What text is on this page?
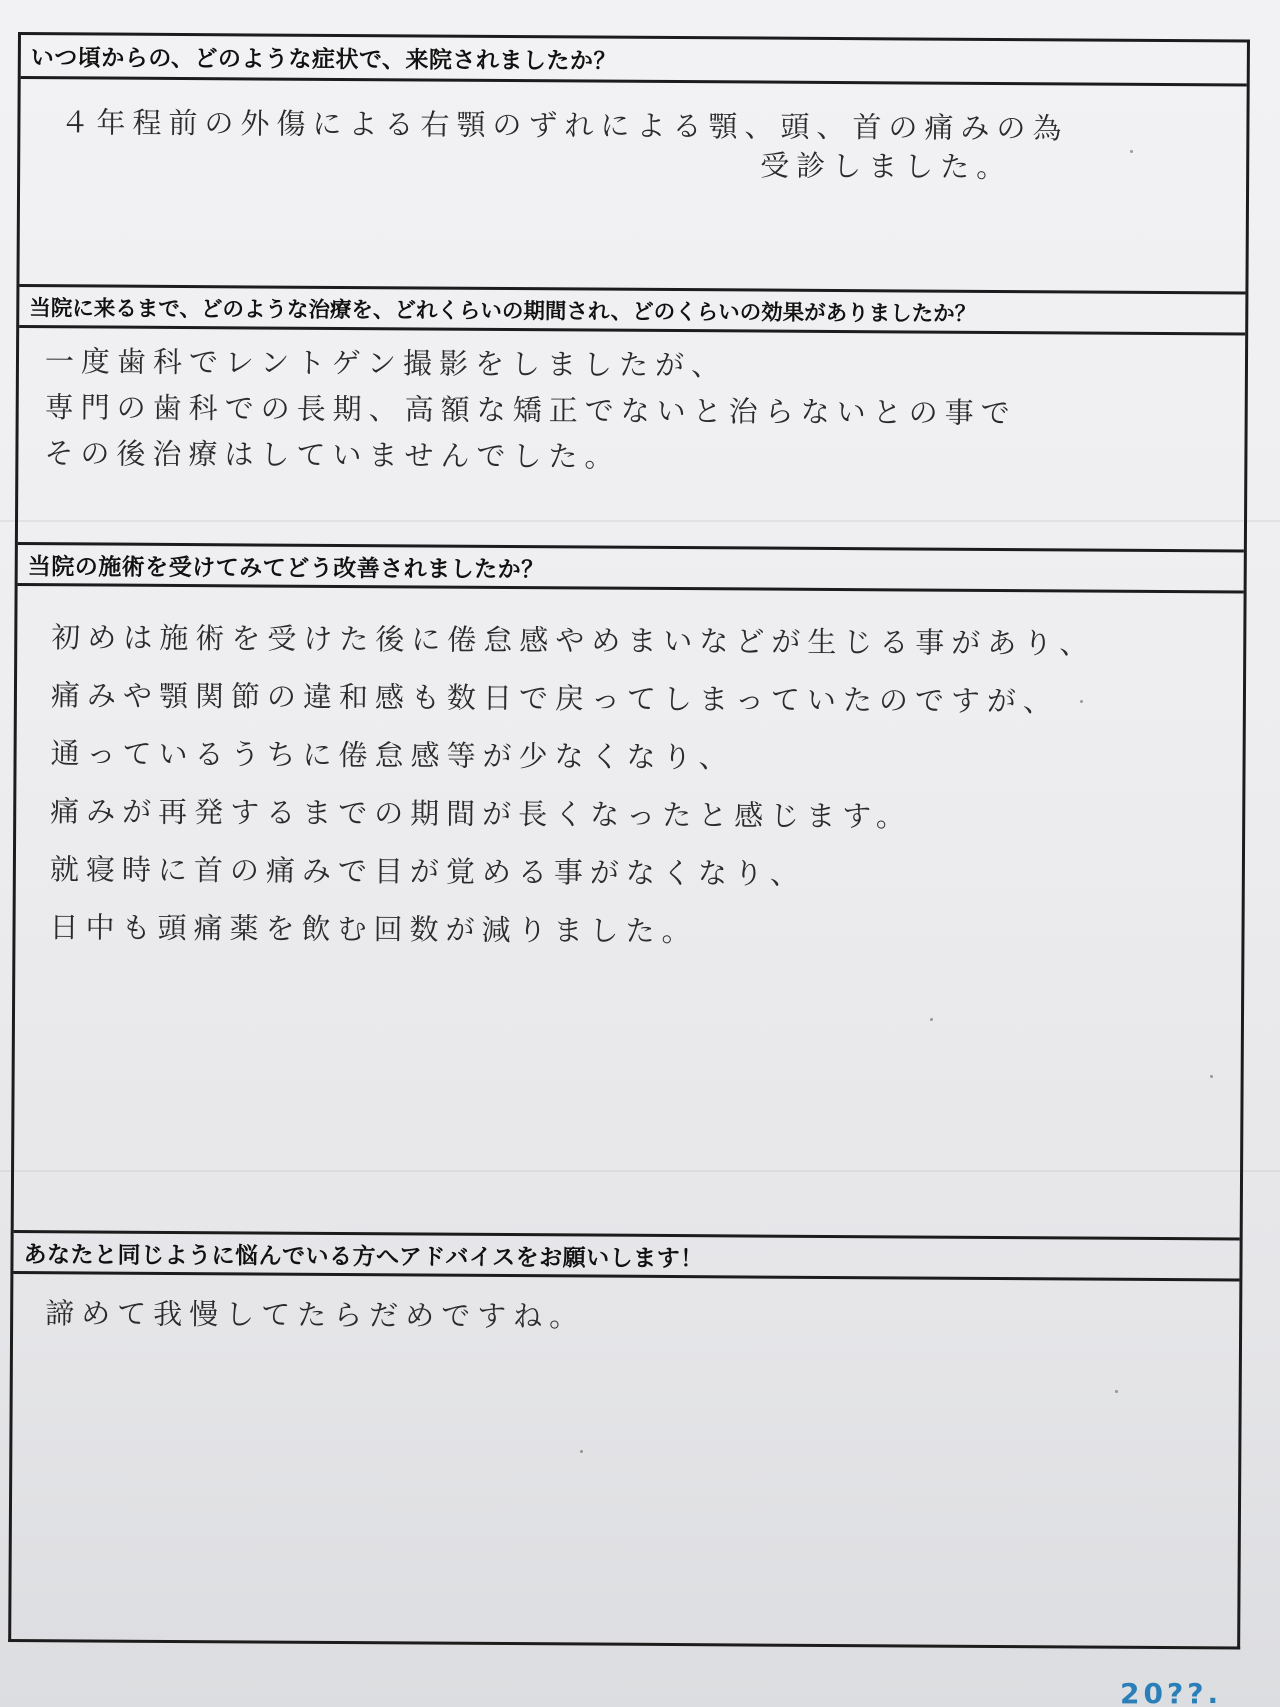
いつ頃からの、どのような症状で、来院されましたか？
４年程前の外傷による右顎のずれによる顎、頭、首の痛みの為
受診しました。
当院に来るまで、どのような治療を、どれくらいの期間され、どのくらいの効果がありましたか？
一度歯科でレントゲン撮影をしましたが、
専門の歯科での長期、高額な矯正でないと治らないとの事で
その後治療はしていませんでした。
当院の施術を受けてみてどう改善されましたか？
初めは施術を受けた後に倦怠感やめまいなどが生じる事があり、
痛みや顎関節の違和感も数日で戻ってしまっていたのですが、
通っているうちに倦怠感等が少なくなり、
痛みが再発するまでの期間が長くなったと感じます。
就寝時に首の痛みで目が覚める事がなくなり、
日中も頭痛薬を飲む回数が減りました。
あなたと同じように悩んでいる方へアドバイスをお願いします！
諦めて我慢してたらだめですね。
20??.
